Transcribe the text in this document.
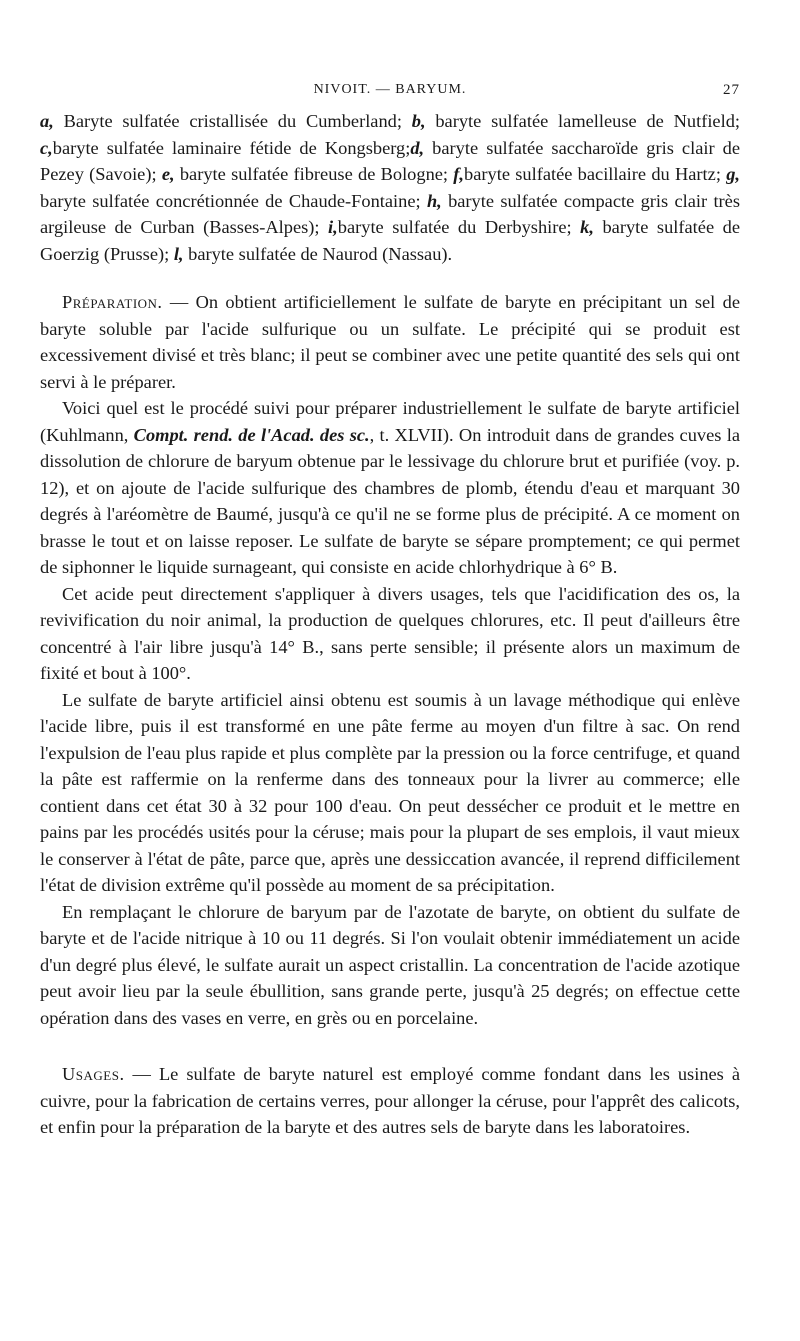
NIVOIT. — BARYUM.	27

a, Baryte sulfatée cristallisée du Cumberland; b, baryte sulfatée lamelleuse de Nutfield; c,baryte sulfatée laminaire fétide de Kongsberg;d, baryte sulfatée saccharoïde gris clair de Pezey (Savoie); e, baryte sulfatée fibreuse de Bologne; f,baryte sulfatée bacillaire du Hartz; g, baryte sulfatée concrétionnée de Chaude-Fontaine; h, baryte sulfatée compacte gris clair très argileuse de Curban (Basses-Alpes); i,baryte sulfatée du Derbyshire; k, baryte sulfatée de Goerzig (Prusse); l, baryte sulfatée de Naurod (Nassau).

Préparation. — On obtient artificiellement le sulfate de baryte en précipitant un sel de baryte soluble par l'acide sulfurique ou un sulfate. Le précipité qui se produit est excessivement divisé et très blanc; il peut se combiner avec une petite quantité des sels qui ont servi à le préparer.

Voici quel est le procédé suivi pour préparer industriellement le sulfate de baryte artificiel (Kuhlmann, Compt. rend. de l'Acad. des sc., t. XLVII). On introduit dans de grandes cuves la dissolution de chlorure de baryum obtenue par le lessivage du chlorure brut et purifiée (voy. p. 12), et on ajoute de l'acide sulfurique des chambres de plomb, étendu d'eau et marquant 30 degrés à l'aréomètre de Baumé, jusqu'à ce qu'il ne se forme plus de précipité. A ce moment on brasse le tout et on laisse reposer. Le sulfate de baryte se sépare promptement; ce qui permet de siphonner le liquide surnageant, qui consiste en acide chlorhydrique à 6° B.

Cet acide peut directement s'appliquer à divers usages, tels que l'acidification des os, la revivification du noir animal, la production de quelques chlorures, etc. Il peut d'ailleurs être concentré à l'air libre jusqu'à 14° B., sans perte sensible; il présente alors un maximum de fixité et bout à 100°.

Le sulfate de baryte artificiel ainsi obtenu est soumis à un lavage méthodique qui enlève l'acide libre, puis il est transformé en une pâte ferme au moyen d'un filtre à sac. On rend l'expulsion de l'eau plus rapide et plus complète par la pression ou la force centrifuge, et quand la pâte est raffermie on la renferme dans des tonneaux pour la livrer au commerce; elle contient dans cet état 30 à 32 pour 100 d'eau. On peut dessécher ce produit et le mettre en pains par les procédés usités pour la céruse; mais pour la plupart de ses emplois, il vaut mieux le conserver à l'état de pâte, parce que, après une dessiccation avancée, il reprend difficilement l'état de division extrême qu'il possède au moment de sa précipitation.

En remplaçant le chlorure de baryum par de l'azotate de baryte, on obtient du sulfate de baryte et de l'acide nitrique à 10 ou 11 degrés. Si l'on voulait obtenir immédiatement un acide d'un degré plus élevé, le sulfate aurait un aspect cristallin. La concentration de l'acide azotique peut avoir lieu par la seule ébullition, sans grande perte, jusqu'à 25 degrés; on effectue cette opération dans des vases en verre, en grès ou en porcelaine.

Usages. — Le sulfate de baryte naturel est employé comme fondant dans les usines à cuivre, pour la fabrication de certains verres, pour allonger la céruse, pour l'apprêt des calicots, et enfin pour la préparation de la baryte et des autres sels de baryte dans les laboratoires.
